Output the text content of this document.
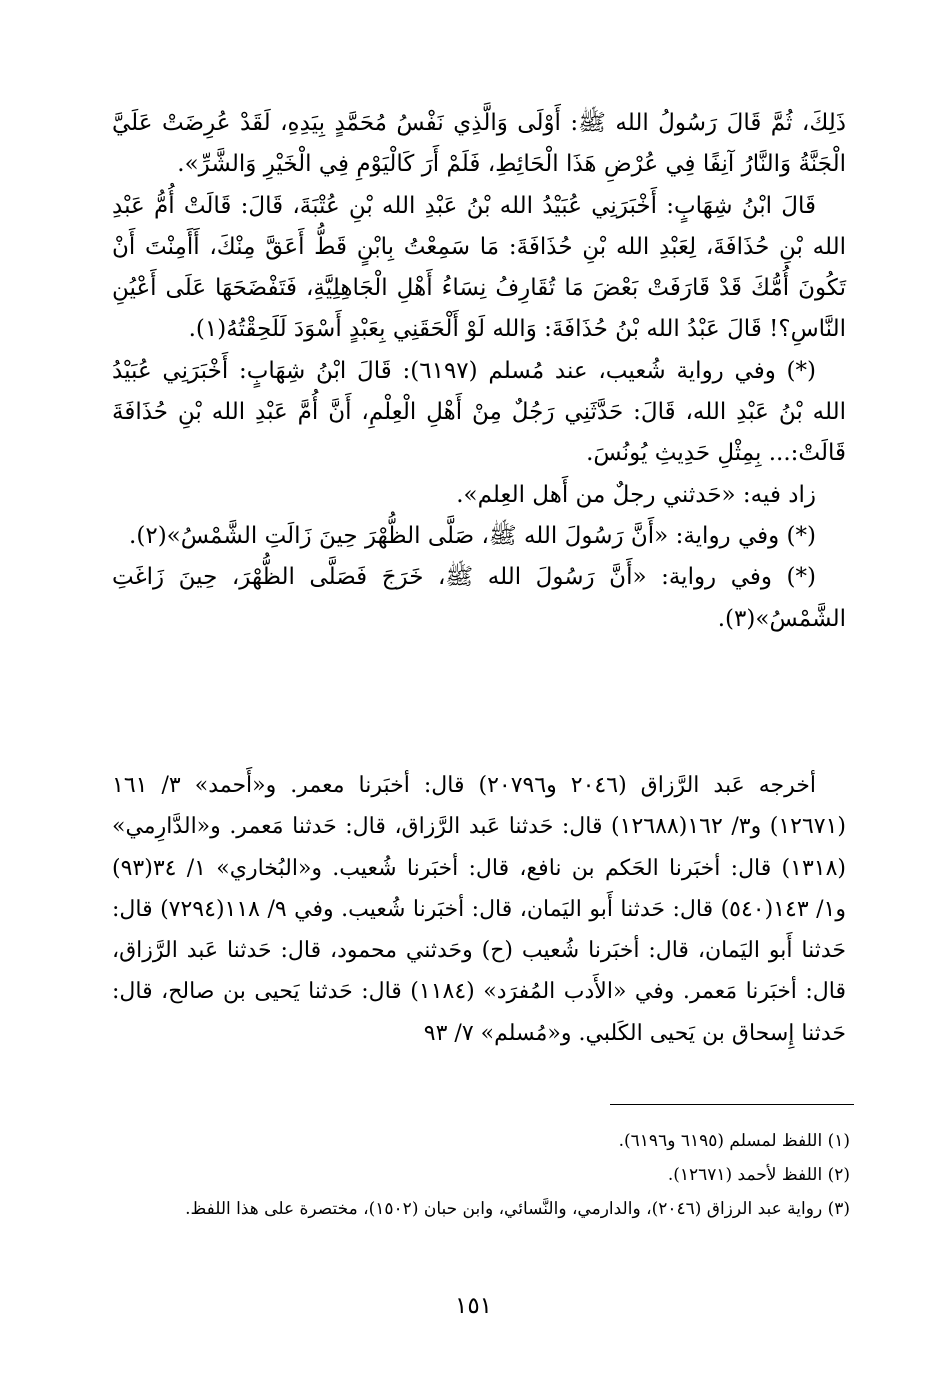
ذَلِكَ، ثُمَّ قَالَ رَسُولُ الله ﷺ: أَوْلَى وَالَّذِي نَفْسُ مُحَمَّدٍ بِيَدِهِ، لَقَدْ عُرِضَتْ عَلَيَّ الْجَنَّةُ وَالنَّارُ آنِفًا فِي عُرْضِ هَذَا الْحَائِطِ، فَلَمْ أَرَ كَالْيَوْمِ فِي الْخَيْرِ وَالشَّرِّ».

قَالَ ابْنُ شِهَابٍ: أَخْبَرَنِي عُبَيْدُ الله بْنُ عَبْدِ الله بْنِ عُتْبَةَ، قَالَ: قَالَتْ أُمُّ عَبْدِ الله بْنِ حُذَافَةَ، لِعَبْدِ الله بْنِ حُذَافَةَ: مَا سَمِعْتُ بِابْنٍ قَطُّ أَعَقَّ مِنْكَ، أَأَمِنْتَ أَنْ تَكُونَ أُمُّكَ قَدْ قَارَفَتْ بَعْضَ مَا تُقَارِفُ نِسَاءُ أَهْلِ الْجَاهِلِيَّةِ، فَتَفْضَحَهَا عَلَى أَعْيُنِ النَّاسِ؟! قَالَ عَبْدُ الله بْنُ حُذَافَةَ: وَالله لَوْ أَلْحَقَنِي بِعَبْدٍ أَسْوَدَ لَلَحِقْتُهُ(١).

(*) وفي رواية شُعيب، عند مُسلم (٦١٩٧): قَالَ ابْنُ شِهَابٍ: أَخْبَرَنِي عُبَيْدُ الله بْنُ عَبْدِ الله، قَالَ: حَدَّثَنِي رَجُلٌ مِنْ أَهْلِ الْعِلْمِ، أَنَّ أُمَّ عَبْدِ الله بْنِ حُذَافَةَ قَالَتْ:... بِمِثْلِ حَدِيثِ يُونُسَ.

زاد فيه: «حَدثني رجلٌ من أَهل العِلم».

(*) وفي رواية: «أَنَّ رَسُولَ الله ﷺ، صَلَّى الظُّهْرَ حِينَ زَالَتِ الشَّمْسُ»(٢).

(*) وفي رواية: «أَنَّ رَسُولَ الله ﷺ، خَرَجَ فَصَلَّى الظُّهْرَ، حِينَ زَاغَتِ الشَّمْسُ»(٣).

أخرجه عَبد الرَّزاق (٢٠٤٦ و٢٠٧٩٦) قال: أخبَرنا معمر. و«أَحمد» ٣/ ١٦١ (١٢٦٧١) و٣/ ١٦٢(١٢٦٨٨) قال: حَدثنا عَبد الرَّزاق، قال: حَدثنا مَعمر. و«الدَّارِمي» (١٣١٨) قال: أخبَرنا الحَكم بن نافع، قال: أخبَرنا شُعيب. و«البُخاري» ١/ ٣٤(٩٣) و١/ ١٤٣(٥٤٠) قال: حَدثنا أَبو اليَمان، قال: أخبَرنا شُعيب. وفي ٩/ ١١٨(٧٢٩٤) قال: حَدثنا أَبو اليَمان، قال: أخبَرنا شُعيب (ح) وحَدثني محمود، قال: حَدثنا عَبد الرَّزاق، قال: أخبَرنا مَعمر. وفي «الأَدب المُفرَد» (١١٨٤) قال: حَدثنا يَحيى بن صالح، قال: حَدثنا إِسحاق بن يَحيى الكَلبي. و«مُسلم» ٧/ ٩٣

(١) اللفظ لمسلم (٦١٩٥ و٦١٩٦).

(٢) اللفظ لأحمد (١٢٦٧١).

(٣) رواية عبد الرزاق (٢٠٤٦)، والدارمي، والنَّسائي، وابن حبان (١٥٠٢)، مختصرة على هذا اللفظ.

١٥١
